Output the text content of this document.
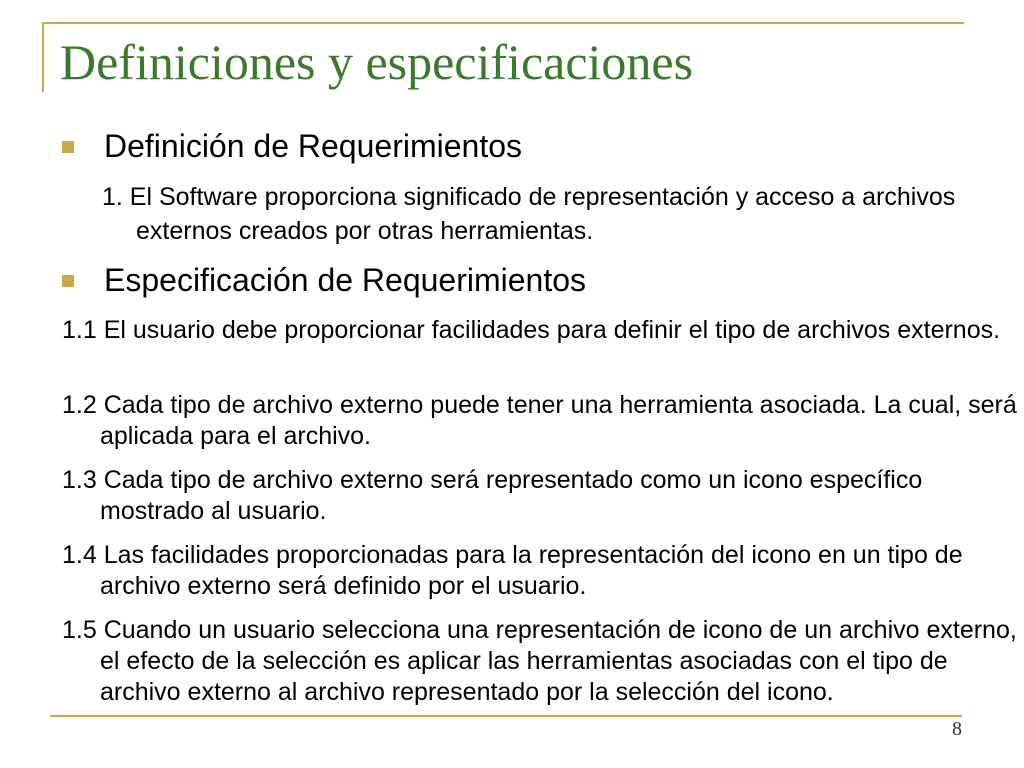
Definiciones y especificaciones
Definición de Requerimientos
1. El Software proporciona significado de representación y acceso a archivos externos creados por otras herramientas.
Especificación de Requerimientos
1.1 El usuario debe proporcionar facilidades para definir el tipo de archivos externos.
1.2 Cada tipo de archivo externo puede tener una herramienta asociada. La cual, será aplicada para el archivo.
1.3 Cada tipo de archivo externo será representado como un icono específico mostrado al usuario.
1.4 Las facilidades proporcionadas para la representación del icono en un tipo de archivo externo será definido por el usuario.
1.5 Cuando un usuario selecciona una representación de icono de un archivo externo, el efecto de la selección es aplicar las herramientas asociadas con el tipo de archivo externo al archivo representado por la selección del icono.
8
